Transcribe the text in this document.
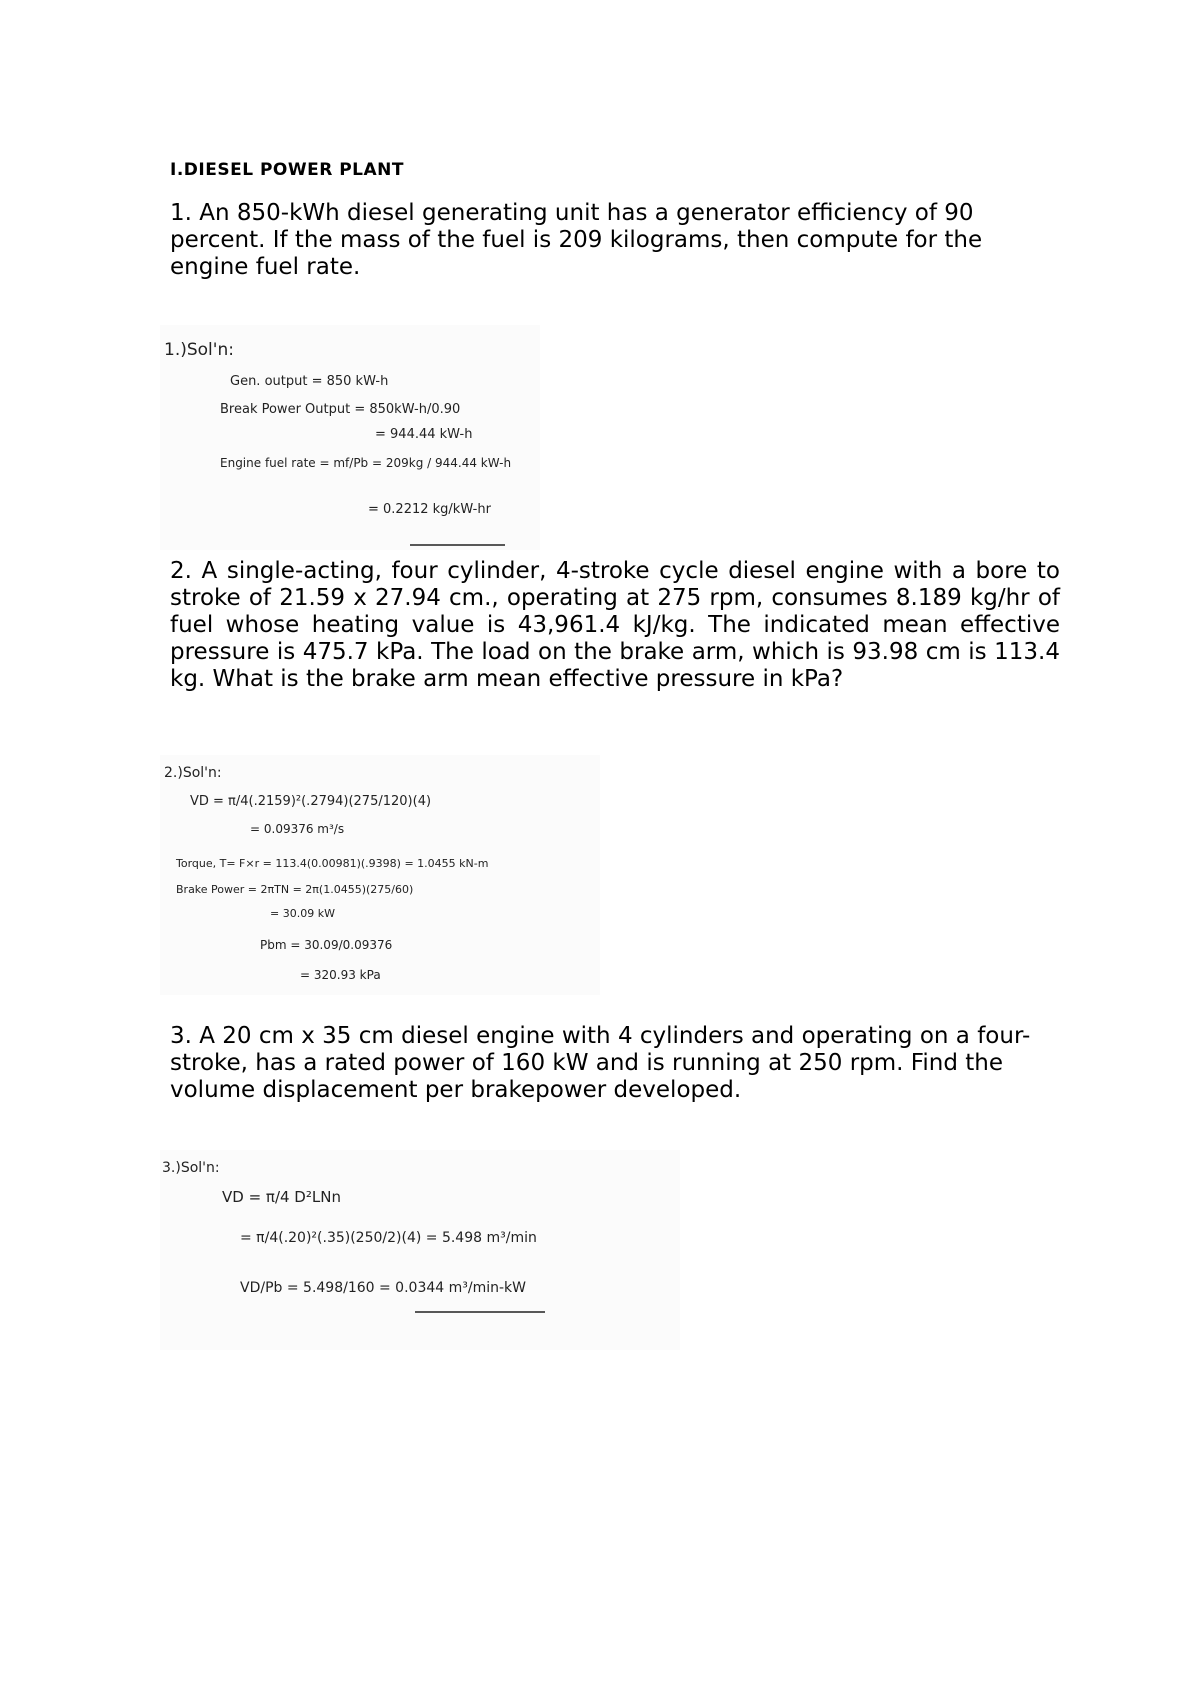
I.DIESEL POWER PLANT

1. An 850-kWh diesel generating unit has a generator efficiency of 90 percent. If the mass of the fuel is 209 kilograms, then compute for the engine fuel rate.

1.)Sol'n:
Gen. output = 850 kW-h
Break Power Output = 850kW-h/0.90
= 944.44 kW-h
Engine fuel rate = mf/Pb = 209kg / 944.44 kW-h
= 0.2212 kg/kW-hr

2. A single-acting, four cylinder, 4-stroke cycle diesel engine with a bore to stroke of 21.59 x 27.94 cm., operating at 275 rpm, consumes 8.189 kg/hr of fuel whose heating value is 43,961.4 kJ/kg. The indicated mean effective pressure is 475.7 kPa. The load on the brake arm, which is 93.98 cm is 113.4 kg. What is the brake arm mean effective pressure in kPa?

2.)Sol'n:
VD = π/4(.2159)²(.2794)(275/120)(4)
= 0.09376 m³/s
Torque, T= F×r = 113.4(0.00981)(.9398) = 1.0455 kN-m
Brake Power = 2πTN = 2π(1.0455)(275/60)
= 30.09 kW
Pbm = 30.09/0.09376
= 320.93 kPa

3. A 20 cm x 35 cm diesel engine with 4 cylinders and operating on a four-stroke, has a rated power of 160 kW and is running at 250 rpm. Find the volume displacement per brakepower developed.

3.)Sol'n:
VD = π/4 D²LNn
= π/4(.20)²(.35)(250/2)(4) = 5.498 m³/min
VD/Pb = 5.498/160 = 0.0344 m³/min-kW
